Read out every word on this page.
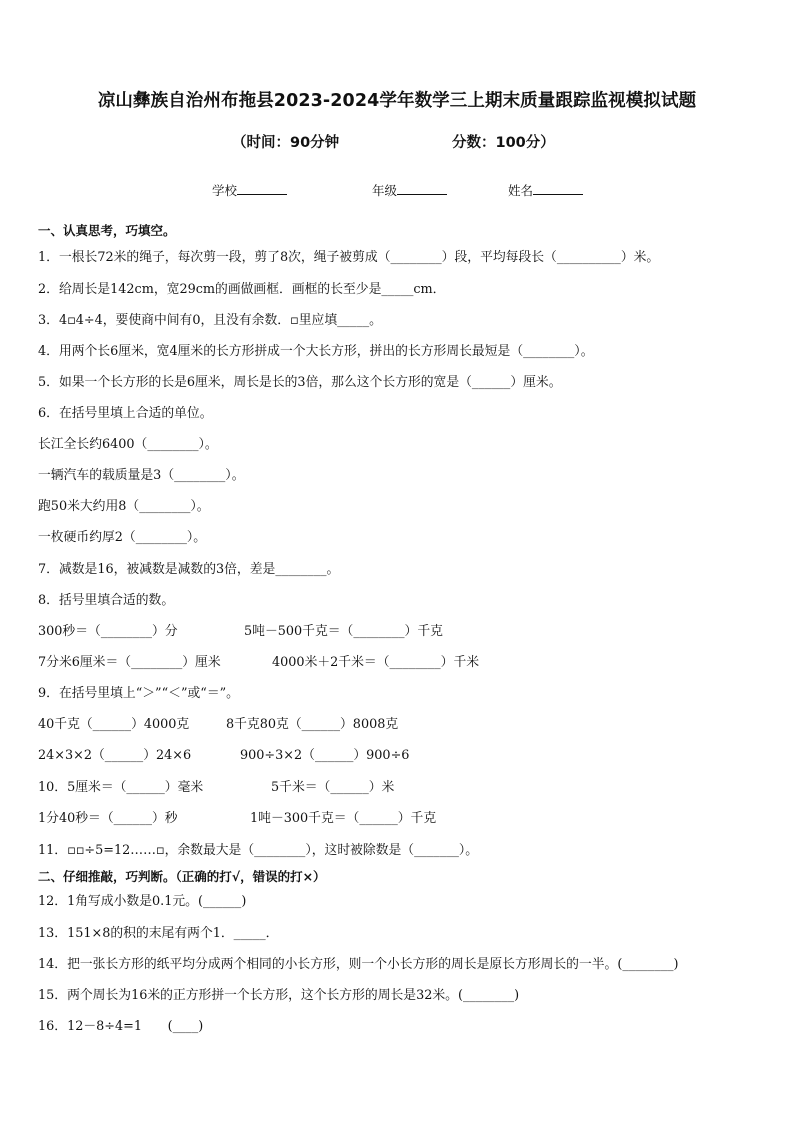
凉山彝族自治州布拖县2023-2024学年数学三上期末质量跟踪监视模拟试题
（时间：90分钟	分数：100分）
学校	年级	姓名
一、认真思考，巧填空。
1．一根长72米的绳子，每次剪一段，剪了8次，绳子被剪成（________）段，平均每段长（__________）米。
2．给周长是142cm，宽29cm的画做画框．画框的长至少是_____cm．
3．4▫4÷4，要使商中间有0，且没有余数．▫里应填_____。
4．用两个长6厘米，宽4厘米的长方形拼成一个大长方形，拼出的长方形周长最短是（________）。
5．如果一个长方形的长是6厘米，周长是长的3倍，那么这个长方形的宽是（______）厘米。
6．在括号里填上合适的单位。
长江全长约6400（________）。
一辆汽车的载质量是3（________）。
跑50米大约用8（________）。
一枚硬币约厚2（________）。
7．减数是16，被减数是减数的3倍，差是________。
8．括号里填合适的数。
300秒＝（________）分	5吨－500千克＝（________）千克
7分米6厘米＝（________）厘米	4000米＋2千米＝（________）千米
9．在括号里填上“＞”“＜”或“＝”。
40千克（______）4000克	8千克80克（______）8008克
24×3×2（______）24×6	900÷3×2（______）900÷6
10．5厘米＝（______）毫米	5千米＝（______）米
1分40秒＝（______）秒	1吨－300千克＝（______）千克
11．▫▫÷5=12……▫，余数最大是（________），这时被除数是（_______）。
二、仔细推敲，巧判断。（正确的打√，错误的打×）
12．1角写成小数是0.1元。(______)
13．151×8的积的末尾有两个1．_____．
14．把一张长方形的纸平均分成两个相同的小长方形，则一个小长方形的周长是原长方形周长的一半。(________)
15．两个周长为16米的正方形拼一个长方形，这个长方形的周长是32米。(________)
16．12－8÷4=1　　(____)
